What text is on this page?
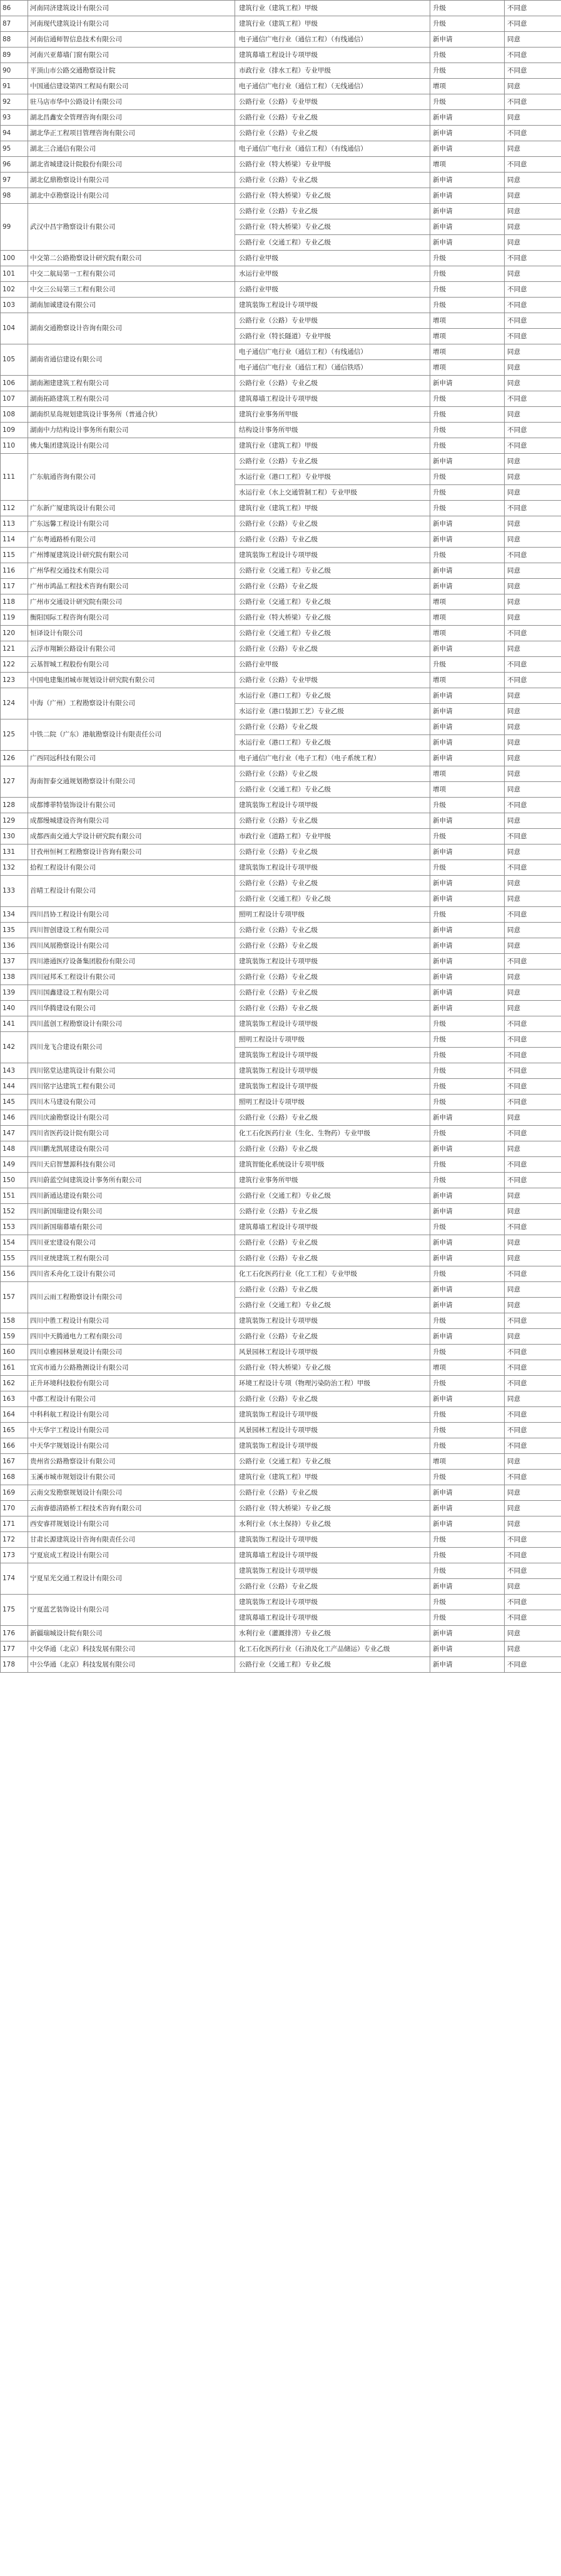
86	河南同济建筑设计有限公司	建筑行业（建筑工程）甲级	升级	不同意
87	河南现代建筑设计有限公司	建筑行业（建筑工程）甲级	升级	不同意
88	河南信通师智信息技术有限公司	电子通信广电行业（通信工程）（有线通信）	新申请	同意
89	河南兴亚幕墙门窗有限公司	建筑幕墙工程设计专项甲级	升级	不同意
90	平顶山市公路交通勘察设计院	市政行业（排水工程）专业甲级	升级	不同意
91	中国通信建设第四工程局有限公司	电子通信广电行业（通信工程）（无线通信）	增项	同意
92	驻马店市华中公路设计有限公司	公路行业（公路）专业甲级	升级	不同意
93	湖北昌鑫安全管理咨询有限公司	公路行业（公路）专业乙级	新申请	同意
94	湖北华正工程项目管理咨询有限公司	公路行业（公路）专业乙级	新申请	不同意
95	湖北三合通信有限公司	电子通信广电行业（通信工程）（有线通信）	新申请	同意
96	湖北省城建设计院股份有限公司	公路行业（特大桥梁）专业甲级	增项	不同意
97	湖北亿鼎勘察设计有限公司	公路行业（公路）专业乙级	新申请	同意
98	湖北中卓勘察设计有限公司	公路行业（特大桥梁）专业乙级	新申请	同意
99	武汉中昌宇勘察设计有限公司	公路行业（公路）专业乙级	新申请	同意
		公路行业（特大桥梁）专业乙级	新申请	同意
		公路行业（交通工程）专业乙级	新申请	同意
100	中交第二公路勘察设计研究院有限公司	公路行业甲级	升级	不同意
101	中交二航局第一工程有限公司	水运行业甲级	升级	同意
102	中交三公局第三工程有限公司	公路行业甲级	升级	不同意
103	湖南加诚建设有限公司	建筑装饰工程设计专项甲级	升级	不同意
104	湖南交通勘察设计咨询有限公司	公路行业（公路）专业甲级	增项	不同意
		公路行业（特长隧道）专业甲级	增项	不同意
105	湖南省通信建设有限公司	电子通信广电行业（通信工程）（有线通信）	增项	同意
		电子通信广电行业（通信工程）（通信铁塔）	增项	同意
106	湖南湘建建筑工程有限公司	公路行业（公路）专业乙级	新申请	同意
107	湖南拓路建筑工程有限公司	建筑幕墙工程设计专项甲级	升级	不同意
108	湖南织星岛规划建筑设计事务所（普通合伙）	建筑行业事务所甲级	升级	同意
109	湖南中力结构设计事务所有限公司	结构设计事务所甲级	升级	不同意
110	佛大集团建筑设计有限公司	建筑行业（建筑工程）甲级	升级	不同意
111	广东航通咨询有限公司	公路行业（公路）专业乙级	新申请	同意
		水运行业（港口工程）专业甲级	升级	同意
		水运行业（水上交通管制工程）专业甲级	升级	同意
112	广东新广厦建筑设计有限公司	建筑行业（建筑工程）甲级	升级	不同意
113	广东远馨工程设计有限公司	公路行业（公路）专业乙级	新申请	同意
114	广东粤通路桥有限公司	公路行业（公路）专业乙级	新申请	同意
115	广州博厦建筑设计研究院有限公司	建筑装饰工程设计专项甲级	升级	不同意
116	广州华程交通技术有限公司	公路行业（交通工程）专业乙级	新申请	同意
117	广州市鸿晶工程技术咨询有限公司	公路行业（公路）专业乙级	新申请	同意
118	广州市交通设计研究院有限公司	公路行业（交通工程）专业乙级	增项	同意
119	衡阳国际工程咨询有限公司	公路行业（特大桥梁）专业乙级	增项	同意
120	恒译设计有限公司	公路行业（交通工程）专业乙级	增项	不同意
121	云浮市翔颖公路设计有限公司	公路行业（公路）专业乙级	新申请	同意
122	云基智城工程股份有限公司	公路行业甲级	升级	不同意
123	中国电建集团城市规划设计研究院有限公司	公路行业（公路）专业甲级	增项	不同意
124	中海（广州）工程勘察设计有限公司	水运行业（港口工程）专业乙级	新申请	同意
		水运行业（港口装卸工艺）专业乙级	新申请	同意
125	中铁二院（广东）港航勘察设计有限责任公司	公路行业（公路）专业乙级	新申请	同意
		水运行业（港口工程）专业乙级	新申请	同意
126	广西同远科技有限公司	电子通信广电行业（电子工程）（电子系统工程）	新申请	同意
127	海南智泰交通规划勘察设计有限公司	公路行业（公路）专业乙级	增项	同意
		公路行业（交通工程）专业乙级	增项	同意
128	成都博菲特装饰设计有限公司	建筑装饰工程设计专项甲级	升级	不同意
129	成都缦城建设咨询有限公司	公路行业（公路）专业乙级	新申请	同意
130	成都西南交通大学设计研究院有限公司	市政行业（道路工程）专业甲级	升级	不同意
131	甘孜州恒柯工程勘察设计咨询有限公司	公路行业（公路）专业乙级	新申请	同意
132	拾程工程设计有限公司	建筑装饰工程设计专项甲级	升级	不同意
133	首晴工程设计有限公司	公路行业（公路）专业乙级	新申请	同意
		公路行业（交通工程）专业乙级	新申请	同意
134	四川昌协工程设计有限公司	照明工程设计专项甲级	升级	不同意
135	四川智创建设工程有限公司	公路行业（公路）专业乙级	新申请	同意
136	四川凤展勘察设计有限公司	公路行业（公路）专业乙级	新申请	同意
137	四川港通医疗设备集团股份有限公司	建筑装饰工程设计专项甲级	新申请	不同意
138	四川冠邦禾工程设计有限公司	公路行业（公路）专业乙级	新申请	同意
139	四川国鑫建设工程有限公司	公路行业（公路）专业乙级	新申请	同意
140	四川华腾建设有限公司	公路行业（公路）专业乙级	新申请	同意
141	四川蓝创工程勘察设计有限公司	建筑装饰工程设计专项甲级	升级	不同意
142	四川龙飞合建设有限公司	照明工程设计专项甲级	升级	不同意
		建筑装饰工程设计专项甲级	升级	不同意
143	四川铭堂达建筑设计有限公司	建筑装饰工程设计专项甲级	升级	不同意
144	四川铭宇达建筑工程有限公司	建筑装饰工程设计专项甲级	升级	不同意
145	四川木马建设有限公司	照明工程设计专项甲级	升级	不同意
146	四川庆渝勘察设计有限公司	公路行业（公路）专业乙级	新申请	同意
147	四川省医药设计院有限公司	化工石化医药行业（生化、生物药）专业甲级	升级	不同意
148	四川鹏龙凯展建设有限公司	公路行业（公路）专业乙级	新申请	同意
149	四川天启智慧源科技有限公司	建筑智能化系统设计专项甲级	升级	不同意
150	四川蔚蓝空间建筑设计事务所有限公司	建筑行业事务所甲级	升级	不同意
151	四川新通达建设有限公司	公路行业（交通工程）专业乙级	新申请	同意
152	四川新国瑞建设有限公司	公路行业（公路）专业乙级	新申请	同意
153	四川新国瑞幕墙有限公司	建筑幕墙工程设计专项甲级	升级	不同意
154	四川亚宏建设有限公司	公路行业（公路）专业乙级	新申请	同意
155	四川亚统建筑工程有限公司	公路行业（公路）专业乙级	新申请	同意
156	四川省禾舟化工设计有限公司	化工石化医药行业（化工工程）专业甲级	升级	不同意
157	四川云雨工程勘察设计有限公司	公路行业（公路）专业乙级	新申请	同意
		公路行业（交通工程）专业乙级	新申请	同意
158	四川中胜工程设计有限公司	建筑装饰工程设计专项甲级	升级	不同意
159	四川中天腾通电力工程有限公司	公路行业（公路）专业乙级	新申请	同意
160	四川卓雅园林景观设计有限公司	风景园林工程设计专项甲级	升级	不同意
161	宜宾市通力公路勘测设计有限公司	公路行业（特大桥梁）专业乙级	增项	不同意
162	正升环境科技股份有限公司	环境工程设计专项（物理污染防治工程）甲级	升级	不同意
163	中郡工程设计有限公司	公路行业（公路）专业乙级	新申请	同意
164	中科科航工程设计有限公司	建筑装饰工程设计专项甲级	升级	不同意
165	中天华宇工程设计有限公司	风景园林工程设计专项甲级	升级	不同意
166	中天华宇规划设计有限公司	建筑装饰工程设计专项甲级	升级	不同意
167	贵州省公路勘察设计有限公司	公路行业（交通工程）专业乙级	增项	同意
168	玉溪市城市规划设计有限公司	建筑行业（建筑工程）甲级	升级	不同意
169	云南交发勘察规划设计有限公司	公路行业（公路）专业乙级	新申请	同意
170	云南睿德清路桥工程技术咨询有限公司	公路行业（特大桥梁）专业乙级	新申请	同意
171	西安睿祥规划设计有限公司	水利行业（水土保持）专业乙级	新申请	同意
172	甘肃长源建筑设计咨询有限责任公司	建筑装饰工程设计专项甲级	升级	不同意
173	宁夏宸成工程设计有限公司	建筑幕墙工程设计专项甲级	升级	不同意
174	宁夏星光交通工程设计有限公司	建筑装饰工程设计专项甲级	升级	不同意
		公路行业（公路）专业乙级	新申请	同意
175	宁夏蓝艺装饰设计有限公司	建筑装饰工程设计专项甲级	升级	不同意
		建筑幕墙工程设计专项甲级	升级	不同意
176	新疆瑞城设计院有限公司	水利行业（灌溉排涝）专业乙级	新申请	同意
177	中交华通（北京）科技发展有限公司	化工石化医药行业（石油及化工产品储运）专业乙级	新申请	同意
178	中公华通（北京）科技发展有限公司	公路行业（交通工程）专业乙级	新申请	不同意
